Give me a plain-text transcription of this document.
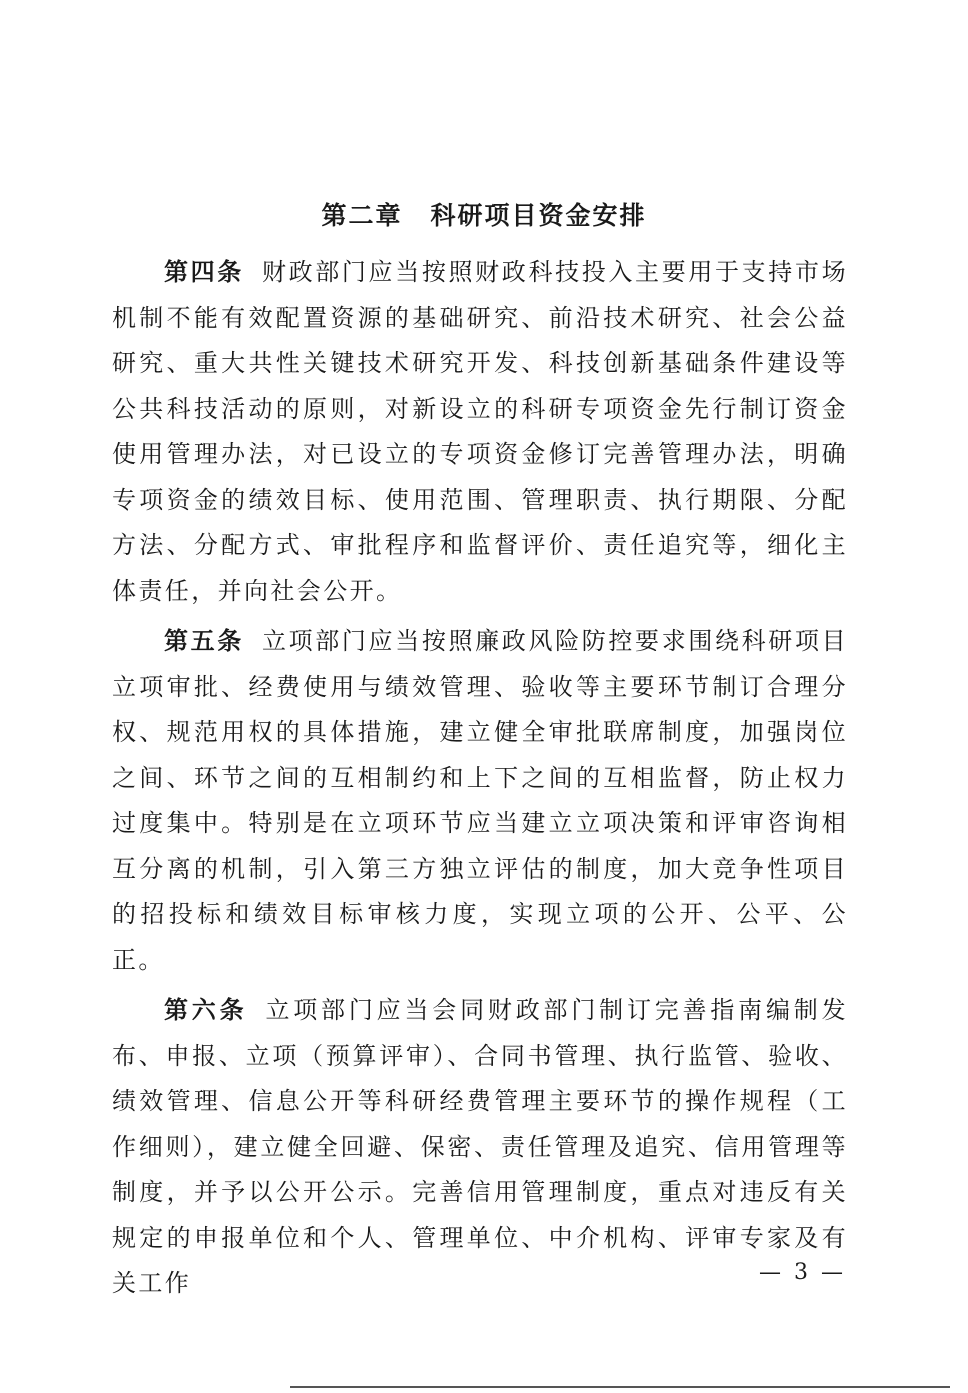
第二章 科研项目资金安排

第四条 财政部门应当按照财政科技投入主要用于支持市场机制不能有效配置资源的基础研究、前沿技术研究、社会公益研究、重大共性关键技术研究开发、科技创新基础条件建设等公共科技活动的原则，对新设立的科研专项资金先行制订资金使用管理办法，对已设立的专项资金修订完善管理办法，明确专项资金的绩效目标、使用范围、管理职责、执行期限、分配方法、分配方式、审批程序和监督评价、责任追究等，细化主体责任，并向社会公开。

第五条 立项部门应当按照廉政风险防控要求围绕科研项目立项审批、经费使用与绩效管理、验收等主要环节制订合理分权、规范用权的具体措施，建立健全审批联席制度，加强岗位之间、环节之间的互相制约和上下之间的互相监督，防止权力过度集中。特别是在立项环节应当建立立项决策和评审咨询相互分离的机制，引入第三方独立评估的制度，加大竞争性项目的招投标和绩效目标审核力度，实现立项的公开、公平、公正。

第六条 立项部门应当会同财政部门制订完善指南编制发布、申报、立项（预算评审）、合同书管理、执行监管、验收、绩效管理、信息公开等科研经费管理主要环节的操作规程（工作细则），建立健全回避、保密、责任管理及追究、信用管理等制度，并予以公开公示。完善信用管理制度，重点对违反有关规定的申报单位和个人、管理单位、中介机构、评审专家及有关工作	— 3 —
